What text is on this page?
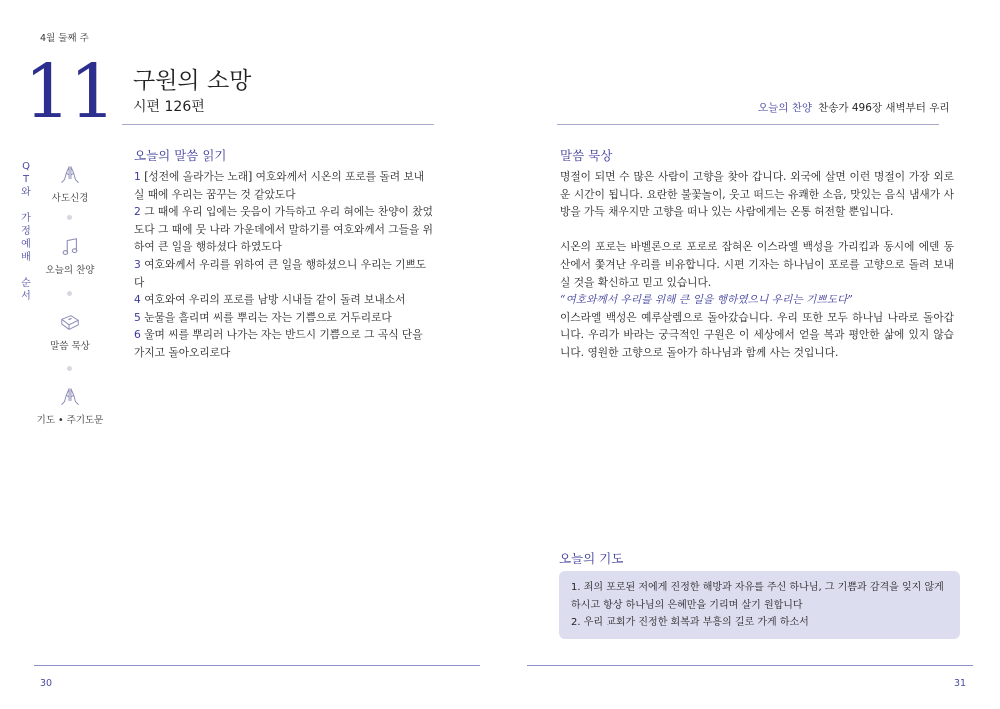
4월 둘째 주
11 구원의 소망
시편 126편
Q
T
와
가
정
예
배
순
서
사도신경
오늘의 찬양
말씀 묵상
기도 • 주기도문
오늘의 말씀 읽기
1 [성전에 올라가는 노래] 여호와께서 시온의 포로를 돌려 보내실 때에 우리는 꿈꾸는 것 같았도다
2 그 때에 우리 입에는 웃음이 가득하고 우리 혀에는 찬양이 찼었도다 그 때에 뭇 나라 가운데에서 말하기를 여호와께서 그들을 위하여 큰 일을 행하셨다 하였도다
3 여호와께서 우리를 위하여 큰 일을 행하셨으니 우리는 기쁘도다
4 여호와여 우리의 포로를 남방 시내들 같이 돌려 보내소서
5 눈물을 흘리며 씨를 뿌리는 자는 기쁨으로 거두리로다
6 울며 씨를 뿌리러 나가는 자는 반드시 기쁨으로 그 곡식 단을 가지고 돌아오리로다
30
오늘의 찬양 찬송가 496장 새벽부터 우리
말씀 묵상

명절이 되면 수 많은 사람이 고향을 찾아 갑니다. 외국에 살면 이런 명절이 가장 외로운 시간이 됩니다. 요란한 불꽃놀이, 웃고 떠드는 유쾌한 소음, 맛있는 음식 냄새가 사방을 가득 채우지만 고향을 떠나 있는 사람에게는 온통 허전할 뿐입니다.

시온의 포로는 바벨론으로 포로로 잡혀온 이스라엘 백성을 가리킵과 동시에 에덴 동산에서 쫓겨난 우리를 비유합니다. 시편 기자는 하나님이 포로를 고향으로 돌려 보내실 것을 확신하고 믿고 있습니다.

“여호와께서 우리를 위해 큰 일을 행하였으니 우리는 기쁘도다”

이스라엘 백성은 예루살렘으로 돌아갔습니다. 우리 또한 모두 하나님 나라로 돌아갑니다. 우리가 바라는 궁극적인 구원은 이 세상에서 얻을 복과 평안한 삶에 있지 않습니다. 영원한 고향으로 돌아가 하나님과 함께 사는 것입니다.

오늘의 기도
1. 죄의 포로된 저에게 진정한 해방과 자유를 주신 하나님, 그 기쁨과 감격을 잊지 않게 하시고 항상 하나님의 은혜만을 기리며 살기 원합니다
2. 우리 교회가 진정한 회복과 부흥의 길로 가게 하소서
31
